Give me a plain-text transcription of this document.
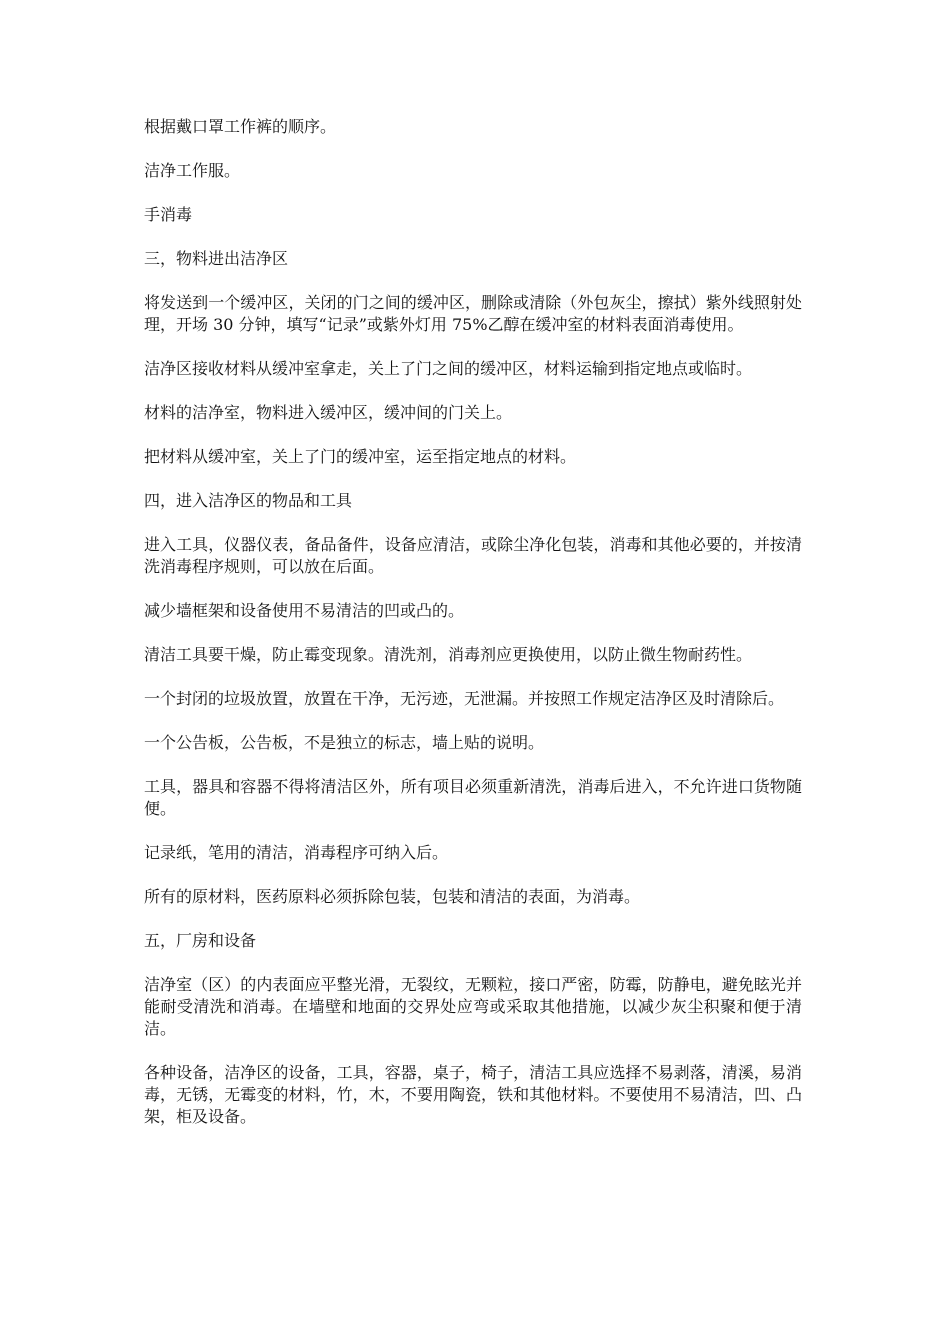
根据戴口罩工作裤的顺序。

洁净工作服。

手消毒

三，物料进出洁净区

将发送到一个缓冲区，关闭的门之间的缓冲区，删除或清除（外包灰尘，擦拭）紫外线照射处理，开场 30 分钟，填写“记录”或紫外灯用 75%乙醇在缓冲室的材料表面消毒使用。

洁净区接收材料从缓冲室拿走，关上了门之间的缓冲区，材料运输到指定地点或临时。

材料的洁净室，物料进入缓冲区，缓冲间的门关上。

把材料从缓冲室，关上了门的缓冲室，运至指定地点的材料。

四，进入洁净区的物品和工具

进入工具，仪器仪表，备品备件，设备应清洁，或除尘净化包装，消毒和其他必要的，并按清洗消毒程序规则，可以放在后面。

减少墙框架和设备使用不易清洁的凹或凸的。

清洁工具要干燥，防止霉变现象。清洗剂，消毒剂应更换使用，以防止微生物耐药性。

一个封闭的垃圾放置，放置在干净，无污迹，无泄漏。并按照工作规定洁净区及时清除后。

一个公告板，公告板，不是独立的标志，墙上贴的说明。

工具，器具和容器不得将清洁区外，所有项目必须重新清洗，消毒后进入，不允许进口货物随便。

记录纸，笔用的清洁，消毒程序可纳入后。

所有的原材料，医药原料必须拆除包装，包装和清洁的表面，为消毒。

五，厂房和设备

洁净室（区）的内表面应平整光滑，无裂纹，无颗粒，接口严密，防霉，防静电，避免眩光并能耐受清洗和消毒。在墙壁和地面的交界处应弯或采取其他措施，以减少灰尘积聚和便于清洁。

各种设备，洁净区的设备，工具，容器，桌子，椅子，清洁工具应选择不易剥落，清溪，易消毒，无锈，无霉变的材料，竹，木，不要用陶瓷，铁和其他材料。不要使用不易清洁，凹、凸架，柜及设备。
